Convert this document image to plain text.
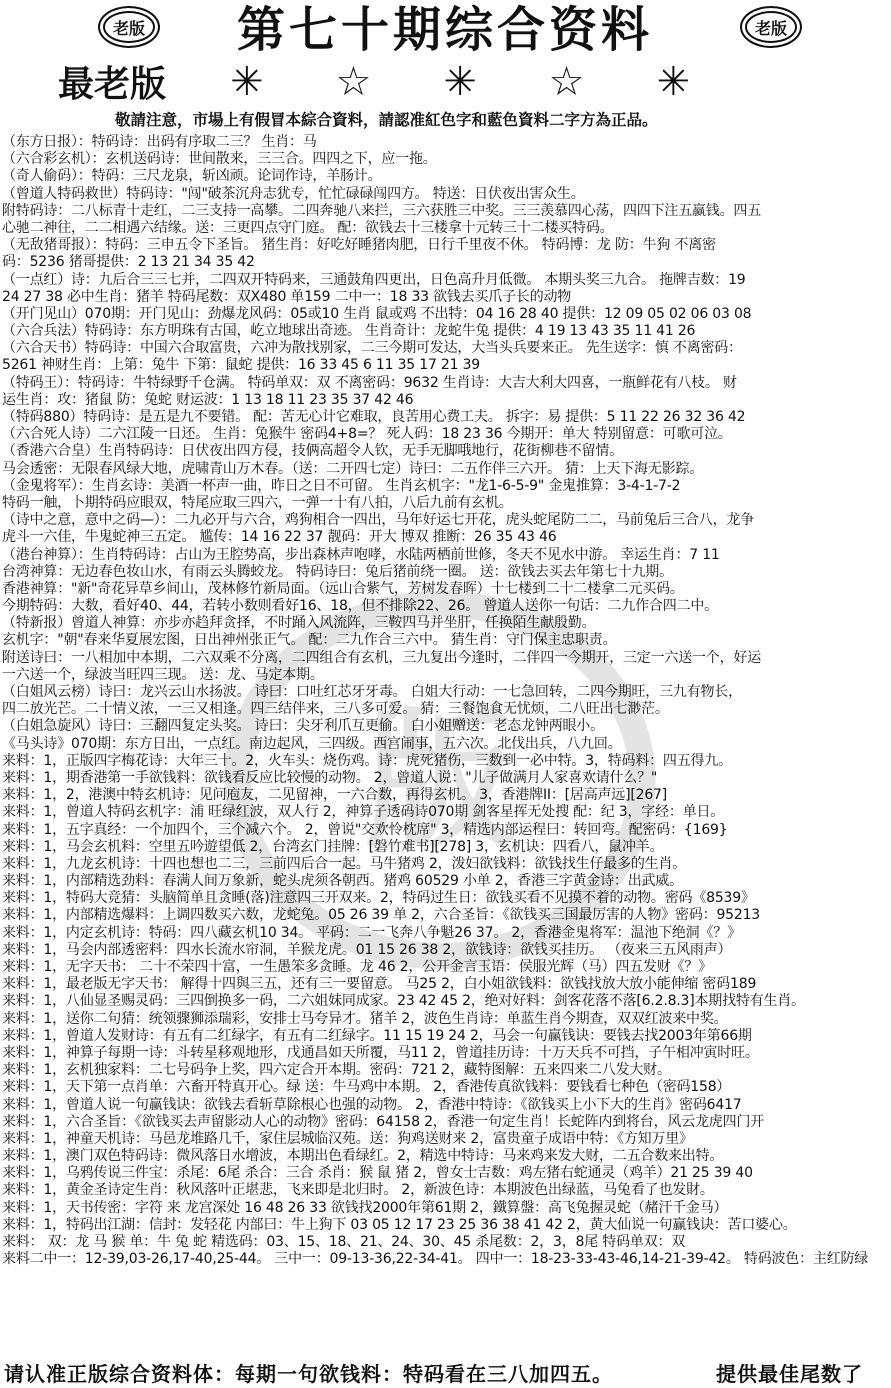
老版 第七十期综合资料	老版
最老版 ✳ ☆ ✳ ☆ ✳
敬請注意，市場上有假冒本綜合資料，請認准紅色字和藍色資料二字方為正品。
版
（东方日报）：特码诗：出码有序取二三？ 生肖：马
（六合彩玄机）：玄机送码诗：世间散来，三三合。四四之下，应一拖。
（奇人偷码）：特码：三尺龙泉，斩凶顽。论词作诗，羊肠计。
（曾道人特码救世）特码诗："闯"破茶沉舟志犹专，忙忙碌碌闯四方。 特送：日伏夜出害众生。
附特码诗：二八标青十走红，二三支持一高攀。二四奔驰八来拦，三六获胜三中奖。三三羡慕四心荡，四四下注五赢钱。四五
心驰二神往，二二相遇六结缘。送：三更四点守门庭。 配：欲钱去十三楼拿十元转三十二楼买特码。
（无敌猪哥报）：特码：三申五令下圣旨。 猪生肖：好吃好睡猪肉肥，日行千里夜不休。 特码博：龙 防：牛狗 不离密
码：5236 猪哥提供：2 13 21 34 35 42
（一点红）诗：九后合三三七并，二四双开特码来，三通鼓角四更出，日色高升月低微。 本期头奖三九合。 拖牌吉数：19
24 27 38 必中生肖：猪羊 特码尾数：双X480 单159 二中一：18 33 欲钱去买爪子长的动物
（开门见山）070期：开门见山：劲爆龙风码：05或10 生肖 鼠或鸡 不出特：04 16 28 40 提供：12 09 05 02 06 03 08
（六合兵法）特码诗：东方明珠有古国，屹立地球出奇迹。 生肖奇计：龙蛇牛兔 提供：4 19 13 43 35 11 41 26
（六合天书）特码诗：中国六合取富贵，六冲为散找别家，二三今期可发达，大当头兵要来正。 先生送字：慎 不离密码：
5261 神财生肖：上第：兔牛 下第：鼠蛇 提供：16 33 45 6 11 35 17 21 39
（特码王）：特码诗：牛特绿野千仓满。 特码单双：双 不离密码：9632 生肖诗：大吉大利大四喜，一瓶鲜花有八枝。 财
运生肖：攻：猪鼠 防：兔蛇 财运波：1 13 18 11 23 35 37 42 46
（特码880）特码诗：是五是九不要错。 配：苦无心计它难取，良苦用心费工夫。 拆字：易 提供：5 11 22 26 32 36 42
（六合死人诗）二六江陵一日还。 生肖：兔猴牛 密码4+8=？ 死人码：18 23 36 今期开：单大 特别留意：可歌可泣。
（香港六合皇）生肖特码诗：日伏夜出四方侵，技俩高超令人钦，无手无脚哦地行，花街柳巷不留情。
马会透密：无限春风绿大地，虎啸青山万木春。（送：二开四七定）诗曰：二五作伴三六开。 猜：上天下海无影踪。
（金鬼将军）：生肖玄诗：美酒一杯声一曲，昨日之日不可留。 生肖玄机字："龙1-6-5-9" 金鬼推算：3-4-1-7-2
特码一触，卜期特码应眼双，特尾应取三四六，一弹一十有八拍，八后九前有玄机。
（诗中之意，意中之码—）：二九必开与六合，鸡狗相合一四出，马年好运七开花，虎头蛇尾防二二，马前兔后三合八，龙争
虎斗一六佳，牛鬼蛇神三五定。 尴传：14 16 22 37 靓码：开大 博双 推断：26 35 43 46
（港台神算）：生肖特码诗：占山为王腔势高，步出森林声咆哮，水陆两栖前世修，冬天不见水中游。 幸运生肖：7 11
台湾神算：无边春色妆山水，有雨云头腾蛟龙。 特码诗曰：兔后猪前绕一圈。 送：欲钱去买去年第七十九期。
香港神算："新"奇花异草乡间山，茂林修竹新局面。（远山合紫气，芳树发春晖）十七楼到二十二楼拿二元买码。
今期特码：大数，看好40、44，若转小数则看好16、18，但不排除22、26。 曾道人送你一句话：二九作合四二中。
（特新报）曾道人神算：亦步亦趋拜贪择，不时踊入风流阵，三鞍四马并坐肝，任换陌生献殷勤。
玄机字："朝"春来华夏展宏图，日出神州张正气。 配：二九作合三六中。 猜生肖：守门保主忠职责。
附送诗曰：一八相加中本期，二六双乘不分离，二四组合有玄机，三九复出今逢时，二伴四一今期开，三定一六送一个，好运
一六送一个，绿波当旺四三现。 送：龙、马定本期。
（白姐风云榜）诗曰：龙兴云山水扬波。 诗曰：口吐红芯牙牙毒。 白姐大行动：一七急回转，二四今期旺，三九有物长，
四二放光芒。二十情义浓，一三又相逢。四三结伴来，三八多可爱。 猜：三餐饱食无忧烦，二八旺出七渺茫。
（白姐急旋风）诗曰：三翻四复定头奖。 诗曰：尖牙利爪互更偷。 白小姐赠送：老态龙钟两眼小。
《马头诗》070期：东方日出，一点红。南边起风，三四级。西宫闹事，五六次。北伐出兵，八九回。
来料：1，正版四字梅花诗：大年三十。2，火车头：烧伤鸡。诗：虎死猪伤，三数到一必中特。3，特码料：四五得九。
来料：1，期香港第一手欲钱料：欲钱看反应比较慢的动物。 2，曾道人说："儿子做满月人家喜欢请什么？"
来料：1，2，港澳中特玄机诗：见问庖友，二见留神，一六合数，再得玄机。 3，香港牌II：[居高声远][267]
来料：1，曾道人特码玄机字：浦 旺绿红波，双人行 2，神算子透码诗070期 剑客星挥无处搜 配：纪 3，字经：单日。
来料：1，五字真经：一个加四个，三个减六个。 2，曾说"交欢怜枕席" 3，精选内部运程曰：转回弯。配密码：{169}
来料：1，马会玄机料：空里五吟遊望低 2，台湾玄门挂牌：[磐竹难书][278] 3，玄机诀：四看八，鼠冲羊。
来料：1，九龙玄机诗：十四也想也二三，三前四后合一起。马牛猪鸡 2，泼妇欲钱料：欲钱找生仔最多的生肖。
来料：1，内部精选劲料：春满人间万象新，蛇头虎须各朝西。猪鸡 60529 小单 2，香港三字黄金诗：出武威。
来料：1，特码大竞猜：头脑简单且贪睡(落)注意四三开双来。2，特码过生日：欲钱买看不见摸不着的动物。密码《8539》
来料：1，内部精选爆料：上调四数买六数，龙蛇兔。05 26 39 单 2，六合圣旨：《欲钱买三国最厉害的人物》密码：95213
来料：1，内定玄机诗：特码：四八藏玄机10 34。 平码：二一飞奔八争魁26 37。 2，香港金鬼将军：温池下绝洞《？》
来料：1，马会内部透密料：四水长流水帘洞，羊猴龙虎。01 15 26 38 2，欲钱诗：欲钱买挂历。 （夜来三五风雨声）
来料：1，无字天书： 二十不荣四十富，一生愚笨多贪睡。龙 46 2，公开金言玉语：侯服光辉（马）四五发财《？》
来料：1，最老版无字天书： 解得十四與三五，还有三一要留意。 马25 2，白小姐欲钱料：欲钱找放大放小能伸缩 密码189
来料：1，八仙显圣赐灵码：三四倒换多一码，二六姐妹同成家。23 42 45 2，绝对好料：剑客花落不落[6.2.8.3]本期找特有生肖。
来料：1，送你二句猜：统领骤狮添瑞彩，安排士马夸异才。猪羊 2，波色生肖诗：单蓝生肖今期查，双双红波来中奖。
来料：1，曾道人发财诗：有五有二红绿字，有五有二红绿字。11 15 19 24 2，马会一句赢钱诀：要钱去找2003年第66期
来料：1，神算子每期一诗：斗转星移观地形，戊通昌如天所覆，马11 2，曾道挂历诗：十万天兵不可挡，子午相冲寅时旺。
来料：1，玄机独家料：二七号码争上奖，四六定合开本期。密码：721 2，藏特图解：五来四来二八发大财。
来料：1，天下第一点肖单：六畜开特真开心。绿 送：牛马鸡中本期。 2，香港传真欲钱料：要钱看七种色（密码158）
来料：1，曾道人说一句赢钱诀：欲钱去看斩草除根心也强的动物。 2，香港中特诗：《欲钱买上小下大的生肖》密码6417
来料：1，六合圣旨：《欲钱买去声留影动人心的动物》密码：64158 2，香港一句定生肖！长蛇阵内到将台，风云龙虎四门开
来料：1，神童天机诗：马邑龙堆路几千，家住层城临汉苑。送：狗鸡送财来 2，富贵童子成语中特：《方知万里》
来料：1，澳门双色特码诗：微风落日水增波，本期出色看绿红。2，精选中特诗：马来鸡来发大财，二五合数来出特。
来料：1，乌鸦传说三件宝：杀尾：6尾 杀合：三合 杀肖：猴 鼠 猪 2，曾女士吉数：鸡左猪右蛇通灵（鸡羊）21 25 39 40
来料：1，黄金圣诗定生肖：秋风落叶正堪悲，飞来即是北归时。 2，新波色诗：本期波色出绿蓝，马兔看了也发財。
来料：1，天书传密：字符 来 龙宫深处 16 48 26 33 欲钱找2000年第61期 2，鐵算盤：高飞兔握灵蛇（赭汗千金马）
来料：1，特码出江湖：信封：发轻花 内部曰：牛上狗下 03 05 12 17 23 25 36 38 41 42 2，黄大仙说一句赢钱诀：苦口婆心。
来料： 双：龙 马 猴 单：牛 兔 蛇 精选码：03、15、18、21、24、30、45 杀尾数：2，3，8尾 特码单双：双
来料二中一：12-39,03-26,17-40,25-44。 三中一：09-13-36,22-34-41。 四中一：18-23-33-43-46,14-21-39-42。 特码波色：主红防绿
请认准正版综合资料体：每期一句欲钱料：特码看在三八加四五。	提供最佳尾数了
